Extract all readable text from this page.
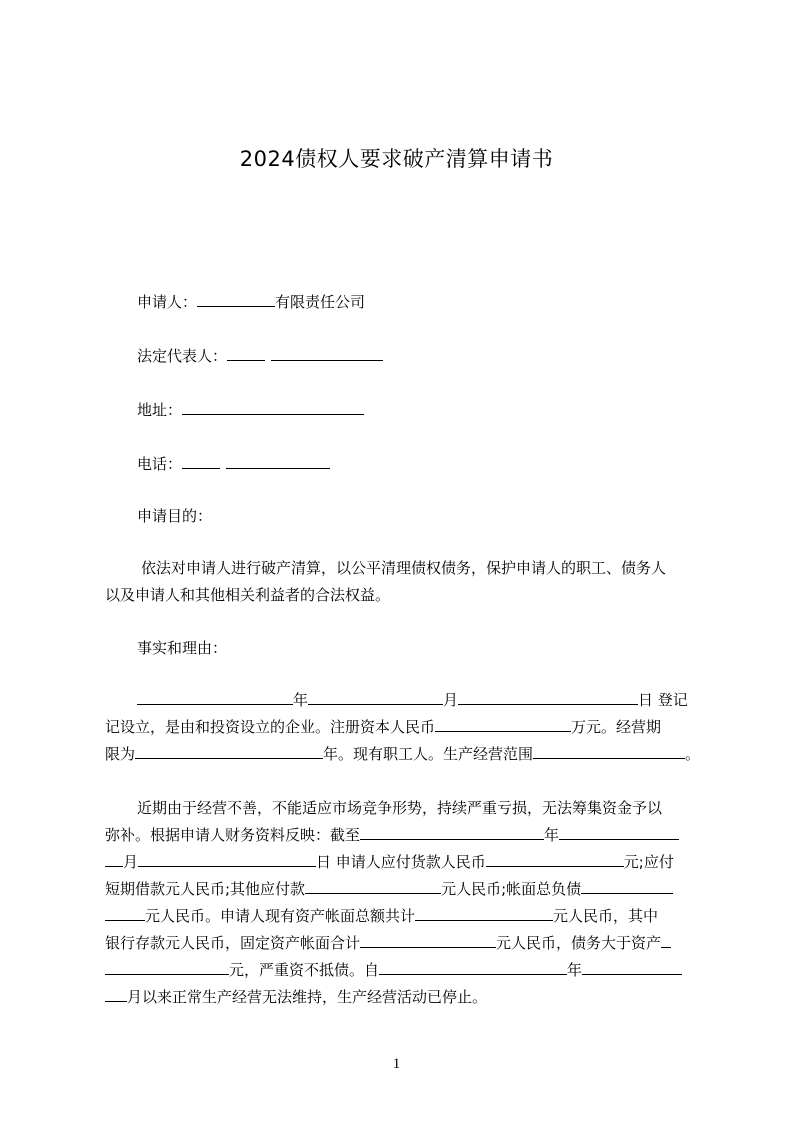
2024债权人要求破产清算申请书
申请人：	有限责任公司
法定代表人：
地址：
电话：
申请目的：
依法对申请人进行破产清算，以公平清理债权债务，保护申请人的职工、债务人
以及申请人和其他相关利益者的合法权益。
事实和理由：
年	月	日 登记
记设立，是由和投资设立的企业。注册资本人民币	万元。经营期
限为	年。现有职工人。生产经营范围	。
近期由于经营不善，不能适应市场竞争形势，持续严重亏损，无法筹集资金予以
弥补。根据申请人财务资料反映：截至	年
月	日 申请人应付货款人民币	元;应付
短期借款元人民币;其他应付款	元人民币;帐面总负债
元人民币。申请人现有资产帐面总额共计	元人民币，其中
银行存款元人民币，固定资产帐面合计	元人民币，债务大于资产
元，严重资不抵债。自	年
月以来正常生产经营无法维持，生产经营活动已停止。
1
